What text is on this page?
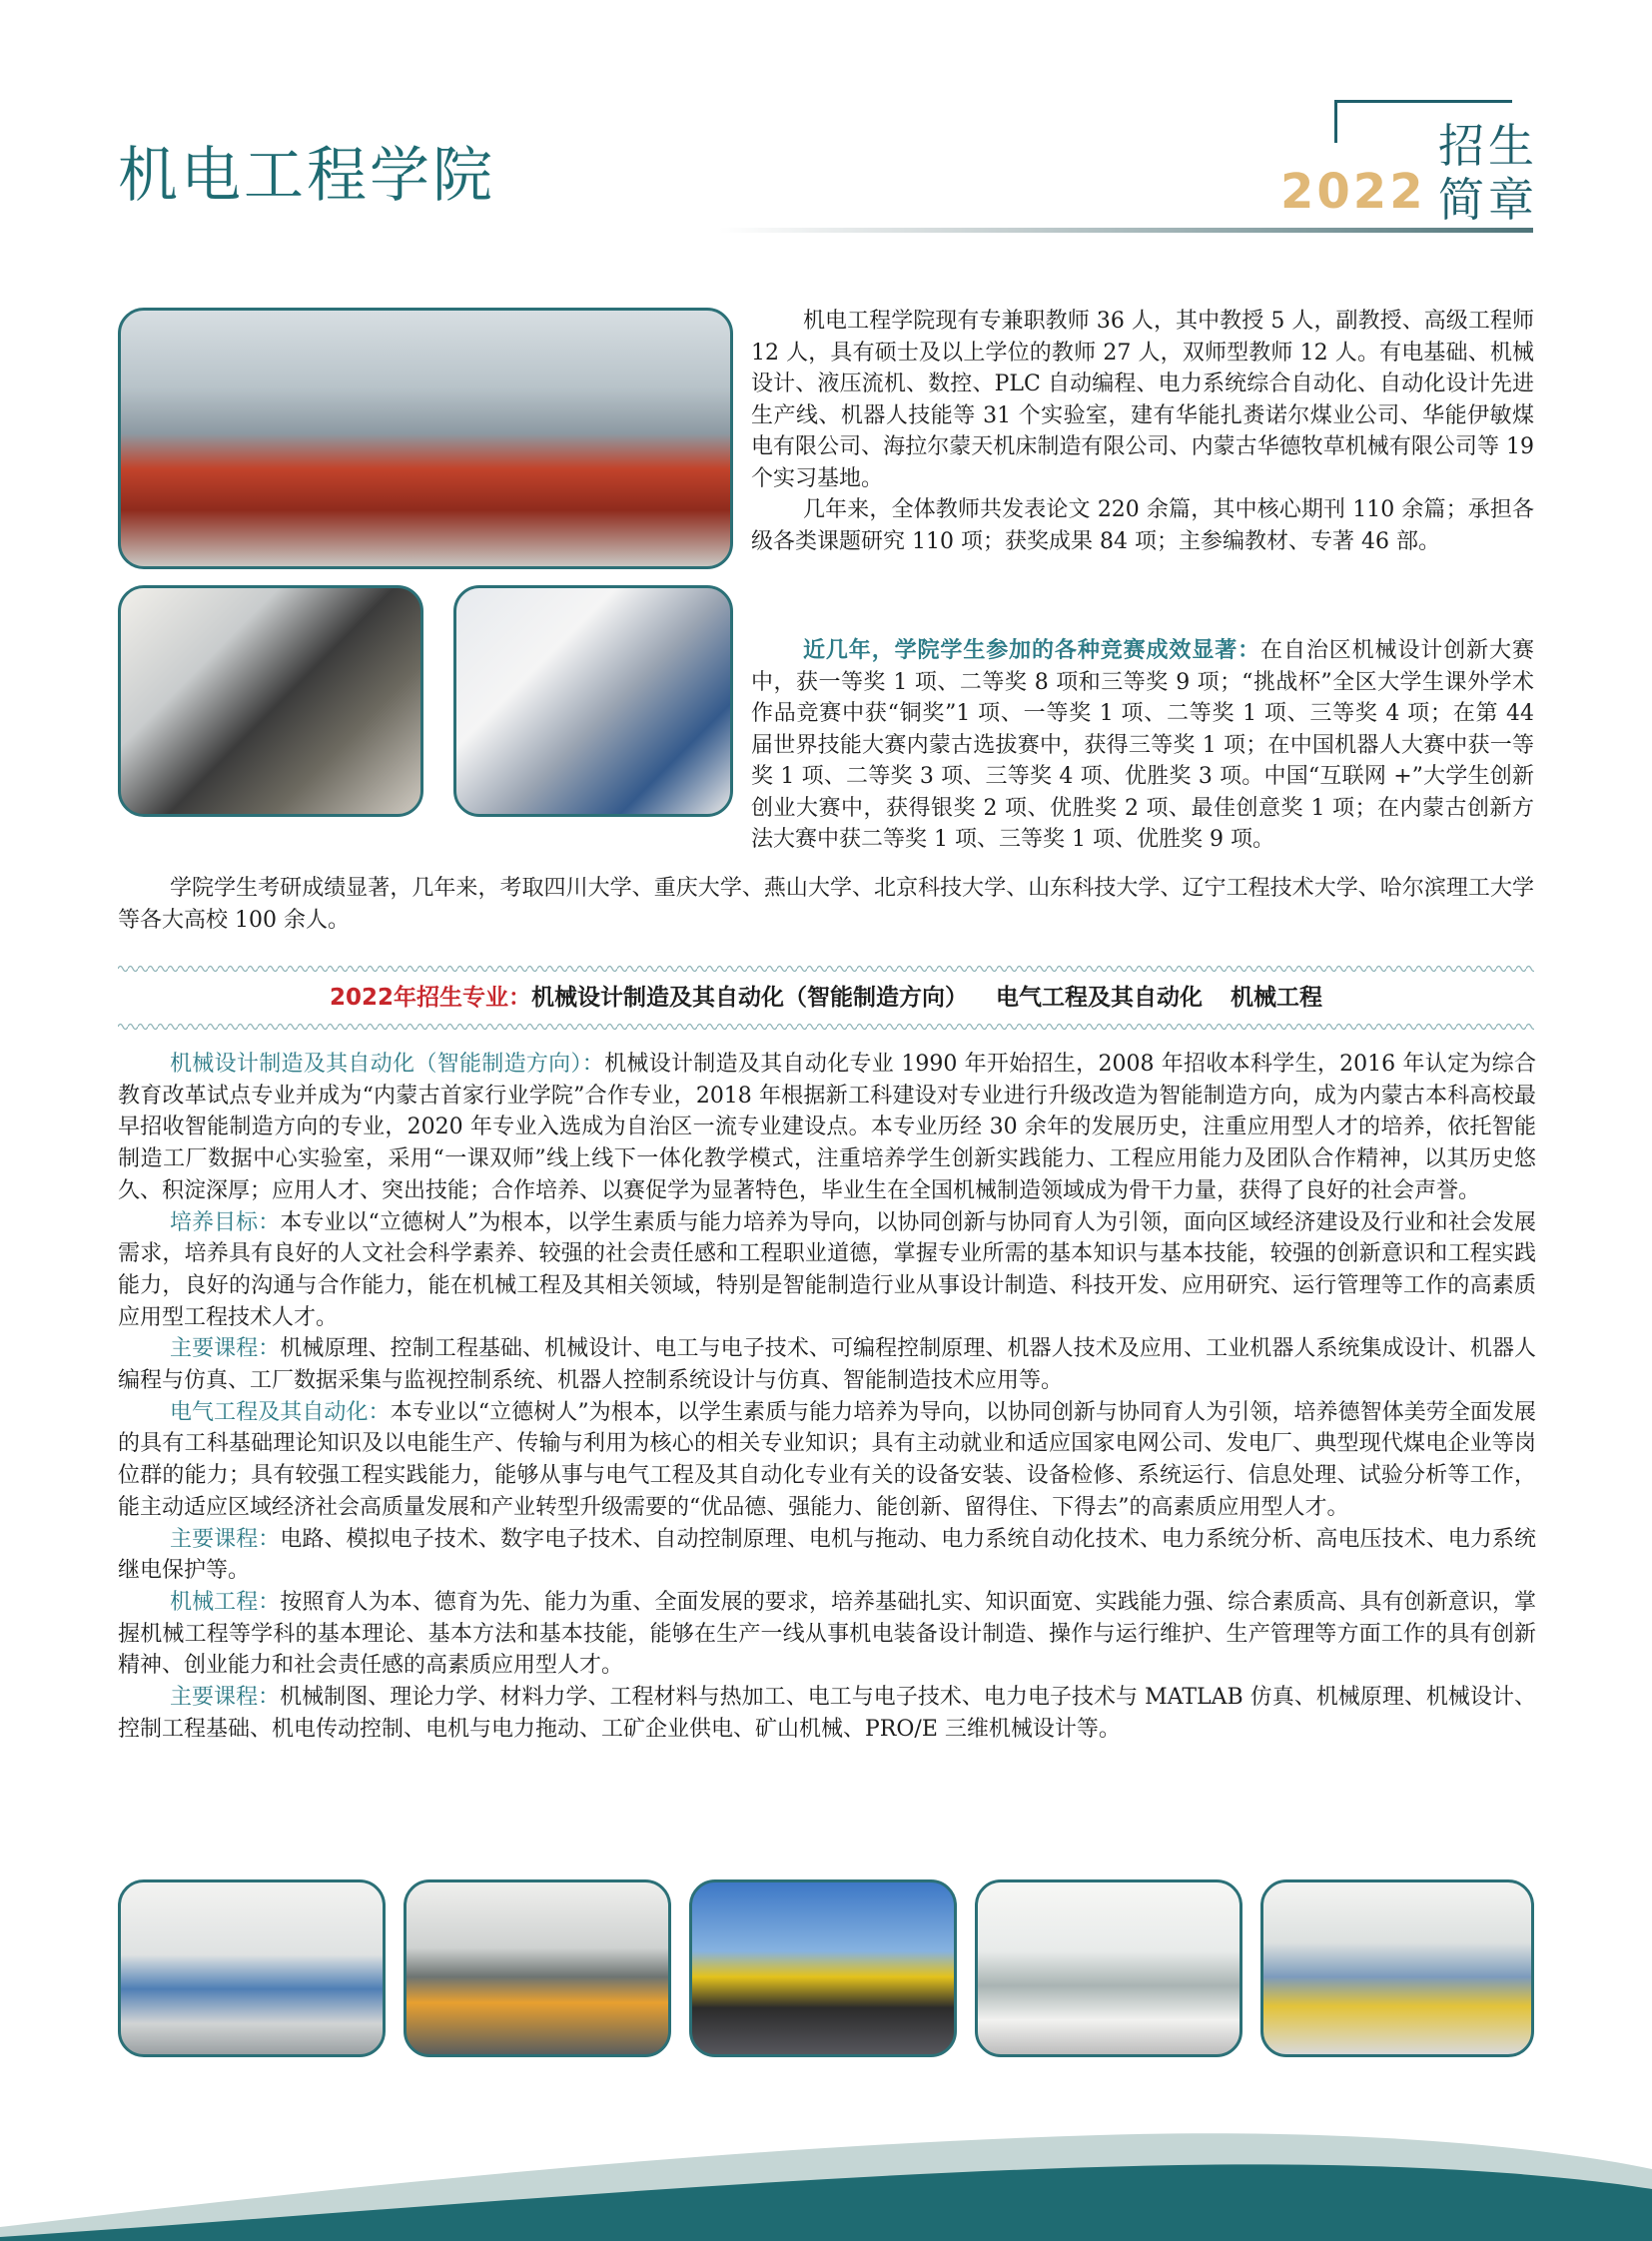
机电工程学院	招生
2022 简章
机电工程学院现有专兼职教师 36 人，其中教授 5 人，副教授、高级工程师 12 人，具有硕士及以上学位的教师 27 人，双师型教师 12 人。有电基础、机械设计、液压流机、数控、PLC 自动编程、电力系统综合自动化、自动化设计先进生产线、机器人技能等 31 个实验室，建有华能扎赉诺尔煤业公司、华能伊敏煤电有限公司、海拉尔蒙天机床制造有限公司、内蒙古华德牧草机械有限公司等 19 个实习基地。
几年来，全体教师共发表论文 220 余篇，其中核心期刊 110 余篇；承担各级各类课题研究 110 项；获奖成果 84 项；主参编教材、专著 46 部。
近几年，学院学生参加的各种竞赛成效显著：在自治区机械设计创新大赛中，获一等奖 1 项、二等奖 8 项和三等奖 9 项；“挑战杯”全区大学生课外学术作品竞赛中获“铜奖”1 项、一等奖 1 项、二等奖 1 项、三等奖 4 项；在第 44 届世界技能大赛内蒙古选拔赛中，获得三等奖 1 项；在中国机器人大赛中获一等奖 1 项、二等奖 3 项、三等奖 4 项、优胜奖 3 项。中国“互联网 +”大学生创新创业大赛中，获得银奖 2 项、优胜奖 2 项、最佳创意奖 1 项；在内蒙古创新方法大赛中获二等奖 1 项、三等奖 1 项、优胜奖 9 项。
学院学生考研成绩显著，几年来，考取四川大学、重庆大学、燕山大学、北京科技大学、山东科技大学、辽宁工程技术大学、哈尔滨理工大学等各大高校 100 余人。
2022年招生专业：机械设计制造及其自动化（智能制造方向） 电气工程及其自动化 机械工程

机械设计制造及其自动化（智能制造方向）：机械设计制造及其自动化专业 1990 年开始招生，2008 年招收本科学生，2016 年认定为综合教育改革试点专业并成为“内蒙古首家行业学院”合作专业，2018 年根据新工科建设对专业进行升级改造为智能制造方向，成为内蒙古本科高校最早招收智能制造方向的专业，2020 年专业入选成为自治区一流专业建设点。本专业历经 30 余年的发展历史，注重应用型人才的培养，依托智能制造工厂数据中心实验室，采用“一课双师”线上线下一体化教学模式，注重培养学生创新实践能力、工程应用能力及团队合作精神，以其历史悠久、积淀深厚；应用人才、突出技能；合作培养、以赛促学为显著特色，毕业生在全国机械制造领域成为骨干力量，获得了良好的社会声誉。

培养目标：本专业以“立德树人”为根本，以学生素质与能力培养为导向，以协同创新与协同育人为引领，面向区域经济建设及行业和社会发展需求，培养具有良好的人文社会科学素养、较强的社会责任感和工程职业道德，掌握专业所需的基本知识与基本技能，较强的创新意识和工程实践能力，良好的沟通与合作能力，能在机械工程及其相关领域，特别是智能制造行业从事设计制造、科技开发、应用研究、运行管理等工作的高素质应用型工程技术人才。

主要课程：机械原理、控制工程基础、机械设计、电工与电子技术、可编程控制原理、机器人技术及应用、工业机器人系统集成设计、机器人编程与仿真、工厂数据采集与监视控制系统、机器人控制系统设计与仿真、智能制造技术应用等。

电气工程及其自动化：本专业以“立德树人”为根本，以学生素质与能力培养为导向，以协同创新与协同育人为引领，培养德智体美劳全面发展的具有工科基础理论知识及以电能生产、传输与利用为核心的相关专业知识；具有主动就业和适应国家电网公司、发电厂、典型现代煤电企业等岗位群的能力；具有较强工程实践能力，能够从事与电气工程及其自动化专业有关的设备安装、设备检修、系统运行、信息处理、试验分析等工作，能主动适应区域经济社会高质量发展和产业转型升级需要的“优品德、强能力、能创新、留得住、下得去”的高素质应用型人才。

主要课程：电路、模拟电子技术、数字电子技术、自动控制原理、电机与拖动、电力系统自动化技术、电力系统分析、高电压技术、电力系统继电保护等。

机械工程：按照育人为本、德育为先、能力为重、全面发展的要求，培养基础扎实、知识面宽、实践能力强、综合素质高、具有创新意识，掌握机械工程等学科的基本理论、基本方法和基本技能，能够在生产一线从事机电装备设计制造、操作与运行维护、生产管理等方面工作的具有创新精神、创业能力和社会责任感的高素质应用型人才。

主要课程：机械制图、理论力学、材料力学、工程材料与热加工、电工与电子技术、电力电子技术与 MATLAB 仿真、机械原理、机械设计、控制工程基础、机电传动控制、电机与电力拖动、工矿企业供电、矿山机械、PRO/E 三维机械设计等。
